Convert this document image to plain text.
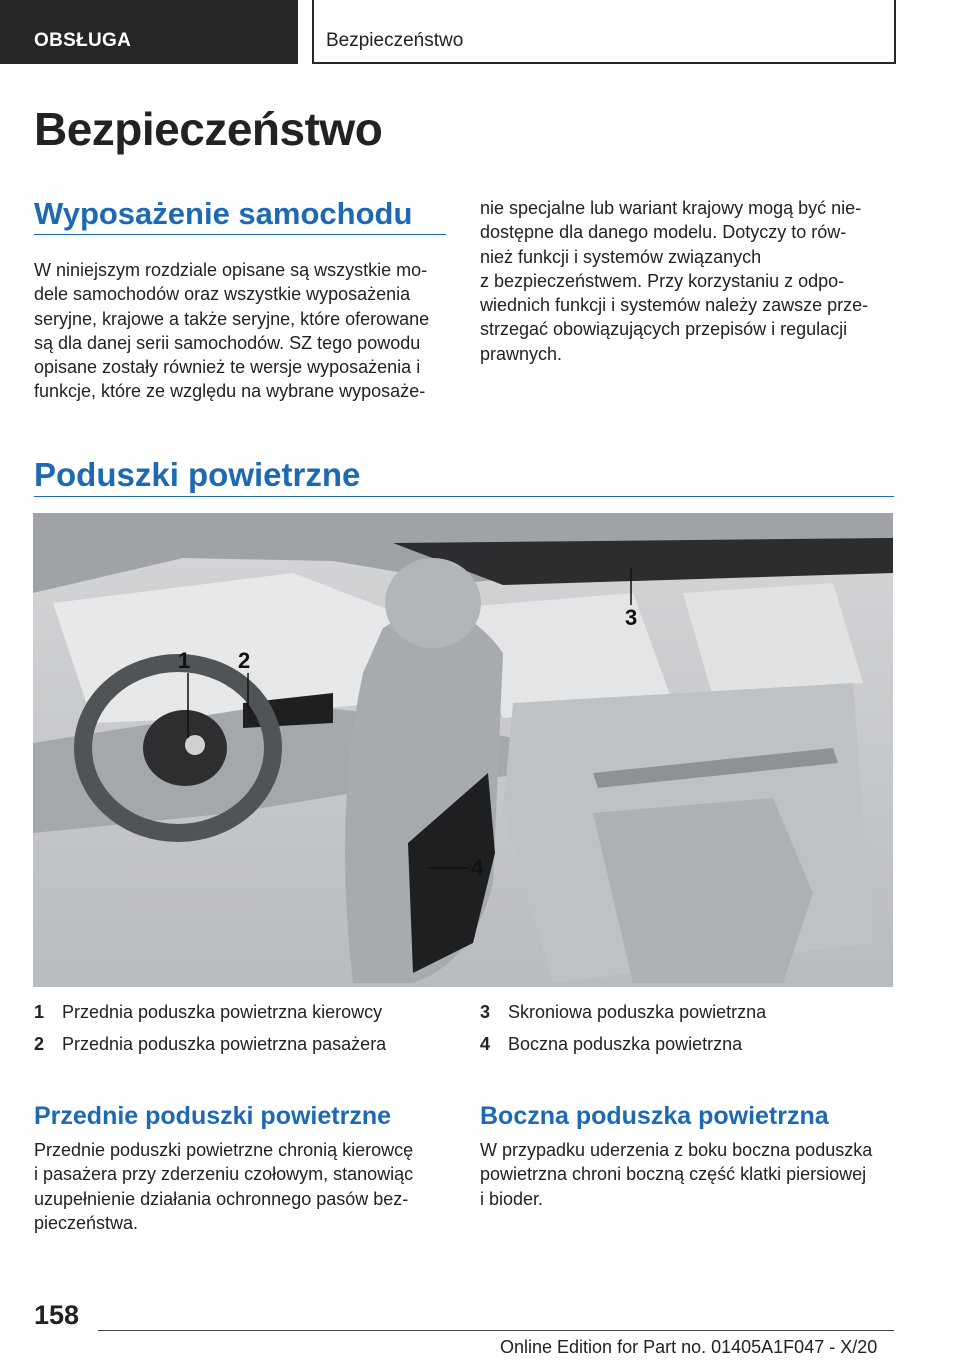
OBSŁUGA	Bezpieczeństwo
Bezpieczeństwo
Wyposażenie samochodu
W niniejszym rozdziale opisane są wszystkie mo-
dele samochodów oraz wszystkie wyposażenia
seryjne, krajowe a także seryjne, które oferowane
są dla danej serii samochodów. SZ tego powodu
opisane zostały również te wersje wyposażenia i
funkcje, które ze względu na wybrane wyposaże-
nie specjalne lub wariant krajowy mogą być nie-
dostępne dla danego modelu. Dotyczy to rów-
nież funkcji i systemów związanych
z bezpieczeństwem. Przy korzystaniu z odpo-
wiednich funkcji i systemów należy zawsze prze-
strzegać obowiązujących przepisów i regulacji
prawnych.
Poduszki powietrzne
1 2
3
4
1 Przednia poduszka powietrzna kierowcy
2 Przednia poduszka powietrzna pasażera
3 Skroniowa poduszka powietrzna
4 Boczna poduszka powietrzna
Przednie poduszki powietrzne
Przednie poduszki powietrzne chronią kierowcę
i pasażera przy zderzeniu czołowym, stanowiąc
uzupełnienie działania ochronnego pasów bez-
pieczeństwa.
Boczna poduszka powietrzna
W przypadku uderzenia z boku boczna poduszka
powietrzna chroni boczną część klatki piersiowej
i bioder.
158
Online Edition for Part no. 01405A1F047 - X/20
